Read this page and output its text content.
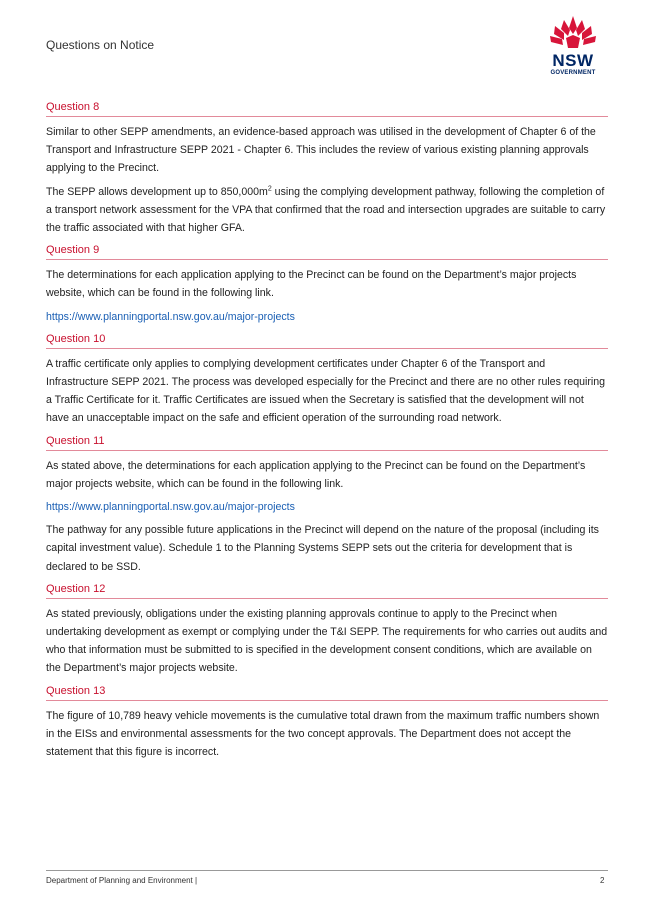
Questions on Notice
NSW
GOVERNMENT
Question 8

Similar to other SEPP amendments, an evidence-based approach was utilised in the development of Chapter 6 of the Transport and Infrastructure SEPP 2021 - Chapter 6. This includes the review of various existing planning approvals applying to the Precinct.

The SEPP allows development up to $850,000m^2$ using the complying development pathway, following the completion of a transport network assessment for the VPA that confirmed that the road and intersection upgrades are suitable to carry the traffic associated with that higher GFA.

Question 9

The determinations for each application applying to the Precinct can be found on the Department’s major projects website, which can be found in the following link.

https://www.planningportal.nsw.gov.au/major-projects
Question 10

A traffic certificate only applies to complying development certificates under Chapter 6 of the Transport and Infrastructure SEPP 2021. The process was developed especially for the Precinct and there are no other rules requiring a Traffic Certificate for it. Traffic Certificates are issued when the Secretary is satisfied that the development will not have an unacceptable impact on the safe and efficient operation of the surrounding road network.

Question 11

As stated above, the determinations for each application applying to the Precinct can be found on the Department’s major projects website, which can be found in the following link.

https://www.planningportal.nsw.gov.au/major-projects

The pathway for any possible future applications in the Precinct will depend on the nature of the proposal (including its capital investment value). Schedule 1 to the Planning Systems SEPP sets out the criteria for development that is declared to be SSD.

Question 12

As stated previously, obligations under the existing planning approvals continue to apply to the Precinct when undertaking development as exempt or complying under the T&I SEPP. The requirements for who carries out audits and who that information must be submitted to is specified in the development consent conditions, which are available on the Department’s major projects website.

Question 13

The figure of 10,789 heavy vehicle movements is the cumulative total drawn from the maximum traffic numbers shown in the EISs and environmental assessments for the two concept approvals. The Department does not accept the statement that this figure is incorrect.

Department of Planning and Environment |	2
